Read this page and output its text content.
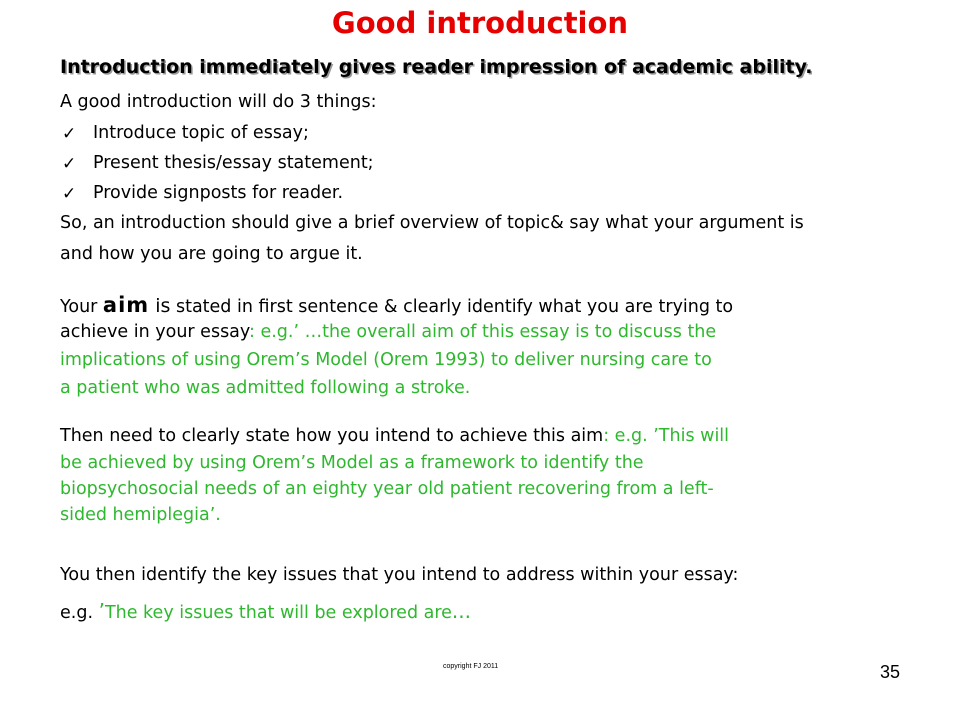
Good introduction
Introduction immediately gives reader impression of academic ability.
A good introduction will do 3 things:
✓ Introduce topic of essay;
✓ Present thesis/essay statement;
✓ Provide signposts for reader.
So, an introduction should give a brief overview of topic& say what your argument is
and how you are going to argue it.
Your aim is stated in first sentence & clearly identify what you are trying to
achieve in your essay: e.g.’ …the overall aim of this essay is to discuss the
implications of using Orem’s Model (Orem 1993) to deliver nursing care to
a patient who was admitted following a stroke.
Then need to clearly state how you intend to achieve this aim: e.g. ’This will
be achieved by using Orem’s Model as a framework to identify the
biopsychosocial needs of an eighty year old patient recovering from a left-
sided hemiplegia’.
You then identify the key issues that you intend to address within your essay:
e.g. ’The key issues that will be explored are...
copyright FJ 2011	35
